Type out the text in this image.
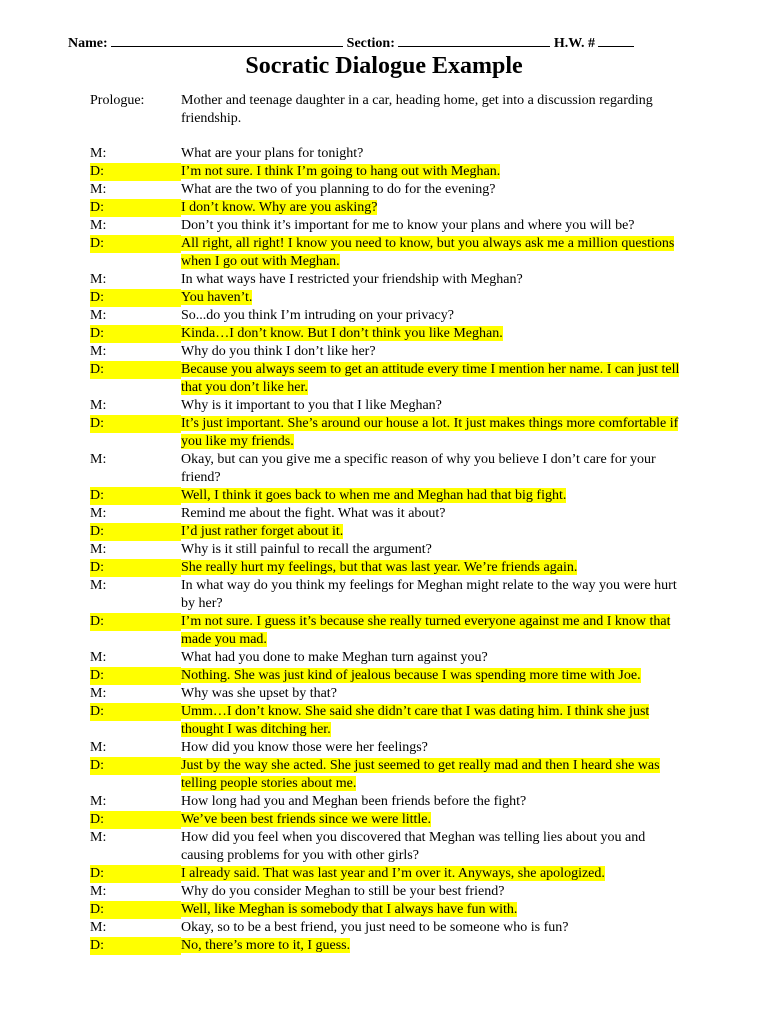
Name:	Section:	H.W. #
Socratic Dialogue Example
Prologue:	Mother and teenage daughter in a car, heading home, get into a discussion regarding friendship.
M:	What are your plans for tonight?
D:	I’m not sure. I think I’m going to hang out with Meghan.
M:	What are the two of you planning to do for the evening?
D:	I don’t know. Why are you asking?
M:	Don’t you think it’s important for me to know your plans and where you will be?
D:	All right, all right! I know you need to know, but you always ask me a million questions when I go out with Meghan.
M:	In what ways have I restricted your friendship with Meghan?
D:	You haven’t.
M:	So...do you think I’m intruding on your privacy?
D:	Kinda…I don’t know. But I don’t think you like Meghan.
M:	Why do you think I don’t like her?
D:	Because you always seem to get an attitude every time I mention her name. I can just tell that you don’t like her.
M:	Why is it important to you that I like Meghan?
D:	It’s just important. She’s around our house a lot. It just makes things more comfortable if you like my friends.
M:	Okay, but can you give me a specific reason of why you believe I don’t care for your friend?
D:	Well, I think it goes back to when me and Meghan had that big fight.
M:	Remind me about the fight. What was it about?
D:	I’d just rather forget about it.
M:	Why is it still painful to recall the argument?
D:	She really hurt my feelings, but that was last year. We’re friends again.
M:	In what way do you think my feelings for Meghan might relate to the way you were hurt by her?
D:	I’m not sure. I guess it’s because she really turned everyone against me and I know that made you mad.
M:	What had you done to make Meghan turn against you?
D:	Nothing. She was just kind of jealous because I was spending more time with Joe.
M:	Why was she upset by that?
D:	Umm…I don’t know. She said she didn’t care that I was dating him. I think she just thought I was ditching her.
M:	How did you know those were her feelings?
D:	Just by the way she acted. She just seemed to get really mad and then I heard she was telling people stories about me.
M:	How long had you and Meghan been friends before the fight?
D:	We’ve been best friends since we were little.
M:	How did you feel when you discovered that Meghan was telling lies about you and causing problems for you with other girls?
D:	I already said. That was last year and I’m over it. Anyways, she apologized.
M:	Why do you consider Meghan to still be your best friend?
D:	Well, like Meghan is somebody that I always have fun with.
M:	Okay, so to be a best friend, you just need to be someone who is fun?
D:	No, there’s more to it, I guess.
